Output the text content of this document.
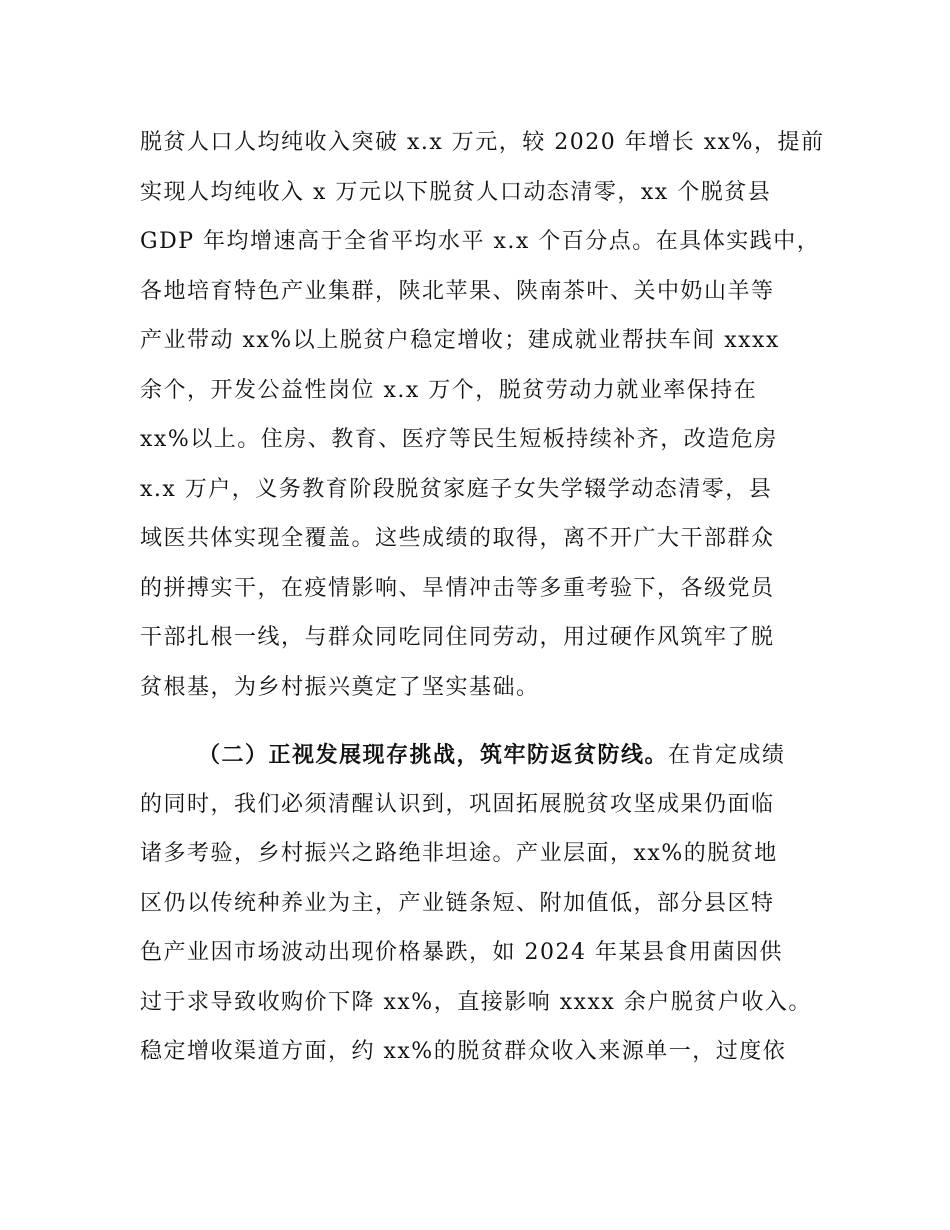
脱贫人口人均纯收入突破 x.x 万元，较 2020 年增长 xx%，提前
实现人均纯收入 x 万元以下脱贫人口动态清零，xx 个脱贫县
GDP 年均增速高于全省平均水平 x.x 个百分点。在具体实践中，
各地培育特色产业集群，陕北苹果、陕南茶叶、关中奶山羊等
产业带动 xx%以上脱贫户稳定增收；建成就业帮扶车间 xxxx
余个，开发公益性岗位 x.x 万个，脱贫劳动力就业率保持在
xx%以上。住房、教育、医疗等民生短板持续补齐，改造危房
x.x 万户，义务教育阶段脱贫家庭子女失学辍学动态清零，县
域医共体实现全覆盖。这些成绩的取得，离不开广大干部群众
的拼搏实干，在疫情影响、旱情冲击等多重考验下，各级党员
干部扎根一线，与群众同吃同住同劳动，用过硬作风筑牢了脱
贫根基，为乡村振兴奠定了坚实基础。
（二）正视发展现存挑战，筑牢防返贫防线。在肯定成绩
的同时，我们必须清醒认识到，巩固拓展脱贫攻坚成果仍面临
诸多考验，乡村振兴之路绝非坦途。产业层面，xx%的脱贫地
区仍以传统种养业为主，产业链条短、附加值低，部分县区特
色产业因市场波动出现价格暴跌，如 2024 年某县食用菌因供
过于求导致收购价下降 xx%，直接影响 xxxx 余户脱贫户收入。
稳定增收渠道方面，约 xx%的脱贫群众收入来源单一，过度依
